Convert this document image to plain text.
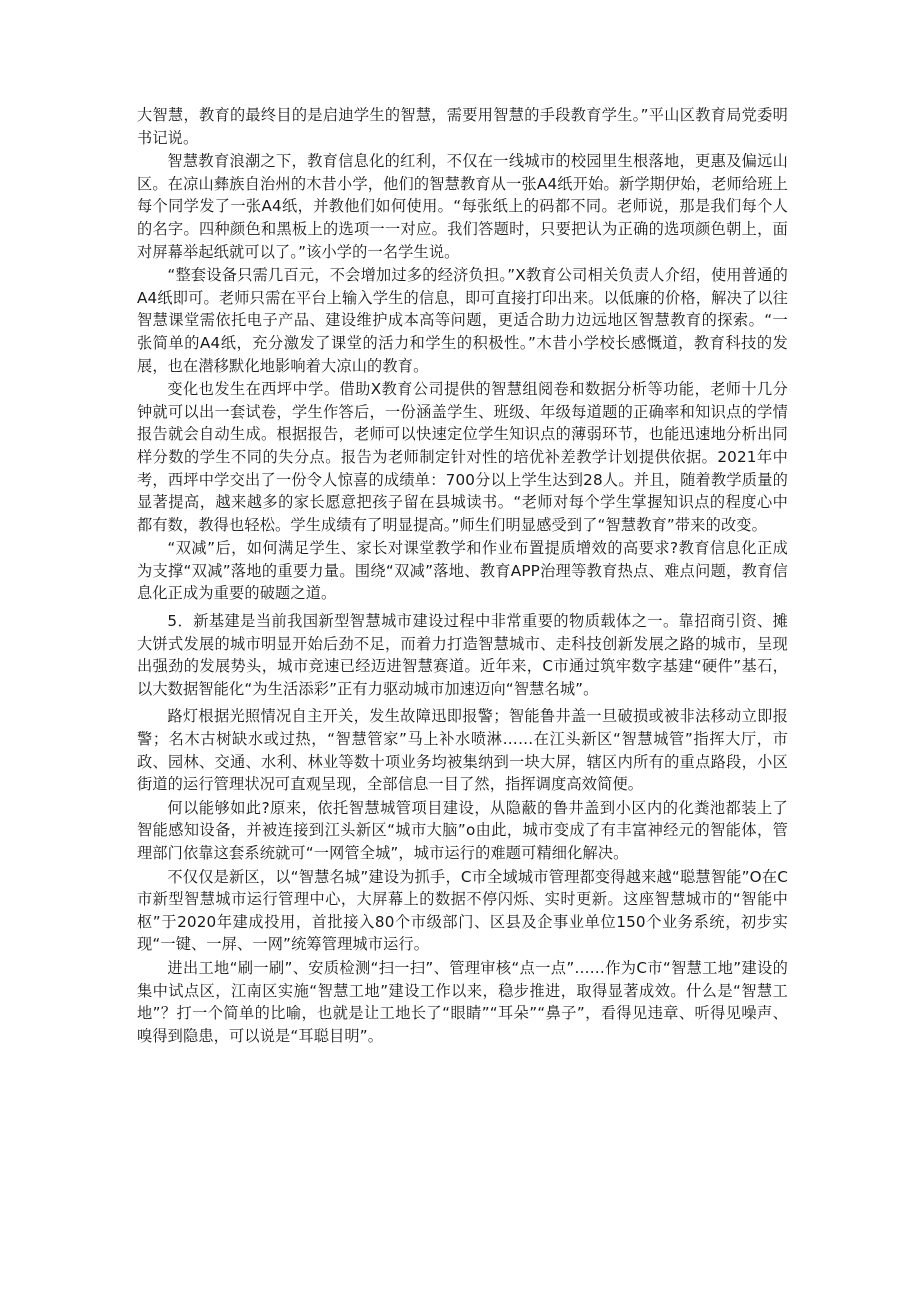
大智慧，教育的最终目的是启迪学生的智慧，需要用智慧的手段教育学生。”平山区教育局党委明书记说。

智慧教育浪潮之下，教育信息化的红利，不仅在一线城市的校园里生根落地，更惠及偏远山区。在凉山彝族自治州的木昔小学，他们的智慧教育从一张A4纸开始。新学期伊始，老师给班上每个同学发了一张A4纸，并教他们如何使用。“每张纸上的码都不同。老师说，那是我们每个人的名字。四种颜色和黑板上的选项一一对应。我们答题时，只要把认为正确的选项颜色朝上，面对屏幕举起纸就可以了。”该小学的一名学生说。

“整套设备只需几百元，不会增加过多的经济负担。”X教育公司相关负责人介绍，使用普通的A4纸即可。老师只需在平台上输入学生的信息，即可直接打印出来。以低廉的价格，解决了以往智慧课堂需依托电子产品、建设维护成本高等问题，更适合助力边远地区智慧教育的探索。“一张简单的A4纸，充分激发了课堂的活力和学生的积极性。”木昔小学校长感慨道，教育科技的发展，也在潜移默化地影响着大凉山的教育。

变化也发生在西坪中学。借助X教育公司提供的智慧组阅卷和数据分析等功能，老师十几分钟就可以出一套试卷，学生作答后，一份涵盖学生、班级、年级每道题的正确率和知识点的学情报告就会自动生成。根据报告，老师可以快速定位学生知识点的薄弱环节，也能迅速地分析出同样分数的学生不同的失分点。报告为老师制定针对性的培优补差教学计划提供依据。2021年中考，西坪中学交出了一份令人惊喜的成绩单：700分以上学生达到28人。并且，随着教学质量的显著提高，越来越多的家长愿意把孩子留在县城读书。“老师对每个学生掌握知识点的程度心中都有数，教得也轻松。学生成绩有了明显提高。”师生们明显感受到了“智慧教育”带来的改变。

“双减”后，如何满足学生、家长对课堂教学和作业布置提质增效的高要求?教育信息化正成为支撑“双减”落地的重要力量。围绕“双减”落地、教育APP治理等教育热点、难点问题，教育信息化正成为重要的破题之道。

5．新基建是当前我国新型智慧城市建设过程中非常重要的物质载体之一。靠招商引资、摊大饼式发展的城市明显开始后劲不足，而着力打造智慧城市、走科技创新发展之路的城市，呈现出强劲的发展势头，城市竞速已经迈进智慧赛道。近年来，C市通过筑牢数字基建“硬件”基石，以大数据智能化“为生活添彩”正有力驱动城市加速迈向“智慧名城”。

路灯根据光照情况自主开关，发生故障迅即报警；智能鲁井盖一旦破损或被非法移动立即报警；名木古树缺水或过热，“智慧管家”马上补水喷淋……在江头新区“智慧城管”指挥大厅，市政、园林、交通、水利、林业等数十项业务均被集纳到一块大屏，辖区内所有的重点路段，小区街道的运行管理状况可直观呈现，全部信息一目了然，指挥调度高效简便。

何以能够如此?原来，依托智慧城管项目建设，从隐蔽的鲁井盖到小区内的化粪池都装上了智能感知设备，并被连接到江头新区“城市大脑”o由此，城市变成了有丰富神经元的智能体，管理部门依靠这套系统就可“一网管全城”，城市运行的难题可精细化解决。

不仅仅是新区，以“智慧名城”建设为抓手，C市全域城市管理都变得越来越“聪慧智能”O在C市新型智慧城市运行管理中心，大屏幕上的数据不停闪烁、实时更新。这座智慧城市的“智能中枢”于2020年建成投用，首批接入80个市级部门、区县及企事业单位150个业务系统，初步实现“一键、一屏、一网”统筹管理城市运行。

进出工地“刷一刷”、安质检测“扫一扫”、管理审核“点一点”……作为C市“智慧工地”建设的集中试点区，江南区实施“智慧工地”建设工作以来，稳步推进，取得显著成效。什么是“智慧工地”？打一个简单的比喻，也就是让工地长了“眼睛”“耳朵”“鼻子”，看得见违章、听得见噪声、嗅得到隐患，可以说是“耳聪目明”。
